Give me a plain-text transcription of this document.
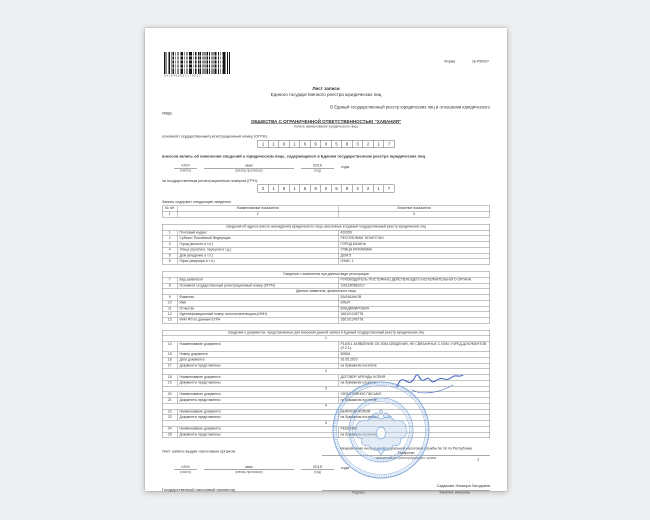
0416905832170012
Форма № Р50007
Лист записи
Единого государственного реестра юридических лиц
В Единый государственный реестр юридических лиц в отношении юридического
лица
ОБЩЕСТВА С ОГРАНИЧЕННОЙ ОТВЕТСТВЕННОСТЬЮ "ХАВАНИЯ"
полное наименование юридического лица
основной государственный регистрационный номер (ОГРН):
1 1 6 1 6 9 0 5 8 3 2 1 7
внесена запись об изменении сведений о юридическом лице, содержащихся в Едином государственном реестре юридических лиц
«20»
(число)
мая
(месяц прописью)
2019
(год)
года
за государственным регистрационным номером (ГРН):
2 1 9 1 6 9 0 5 8 3 2 1 7
Запись содержит следующие сведения:
№ п/п	Наименование показателя	Значение показателя
1	2	3
Сведения об адресе (месте нахождения) юридического лица, внесенные в Единый государственный реестр юридических лиц		
1	Почтовый индекс	420059
2	Субъект Российской Федерации	РЕСПУБЛИКА ТАТАРСТАН
3	Город (волость и т.п.)	ГОРОД КАЗАНЬ
4	Улица (проспект, переулок и т.д.)	УЛИЦА РАХИМОВА
5	Дом (владение и т.п.)	ДОМ 5
6	Офис (квартира и т.п.)	ОФИС 1
Сведения о заявителях при данном виде регистрации		
7	Вид заявителя	РУКОВОДИТЕЛЬ ПОСТОЯННО ДЕЙСТВУЮЩЕГО ИСПОЛНИТЕЛЬНОГО ОРГАНА
8	Основной государственный регистрационный номер (ОГРН)	1161690583217
Данные заявителя, физического лица		
9	Фамилия	БАЛАБАНОВ
10	Имя	ИЛЬЯ
11	Отчество	ВЛАДИМИРОВИЧ
12	Идентификационный номер налогоплательщика (ИНН)	166101245778
13	ИНН ФЛ по данным ЕГРН	166101245778
Сведения о документах, представленных для внесения данной записи в Единый государственный реестр юридических лиц		
1		
14	Наименование документа	Р14001 ЗАЯВЛЕНИЕ ОБ ИЗМ.СВЕДЕНИЙ, НЕ СВЯЗАННЫХ С ИЗМ. УЧРЕД.ДОКУМЕНТОВ (П.2.1)
15	Номер документа	5055А
16	Дата документа	16.05.2019
17	Документы представлены	на бумажном носителе
2		
18	Наименование документа	ДОГОВОР АРЕНДЫ КОПИЯ
19	Документы представлены	на бумажном носителе
3		
20	Наименование документа	ГАРАНТИЙНОЕ ПИСЬМО
21	Документы представлены	на бумажном носителе
4		
22	Наименование документа	ВЫПИСКА КОПИЯ
23	Документы представлены	на бумажном носителе
5		
24	Наименование документа	РЕШЕНИЕ
25	Документы представлены	на бумажном носителе
Лист записи выдан налоговым органом
Межрайонная инспекция Федеральной налоговой службы № 18 по Республике
Татарстан
наименование регистрирующего органа
«20»
(число)
мая
(месяц прописью)
2019
(год)
года
Государственный налоговый инспектор
Садыкова Эльмира Загидовна
Подпись	Фамилия, инициалы
1
